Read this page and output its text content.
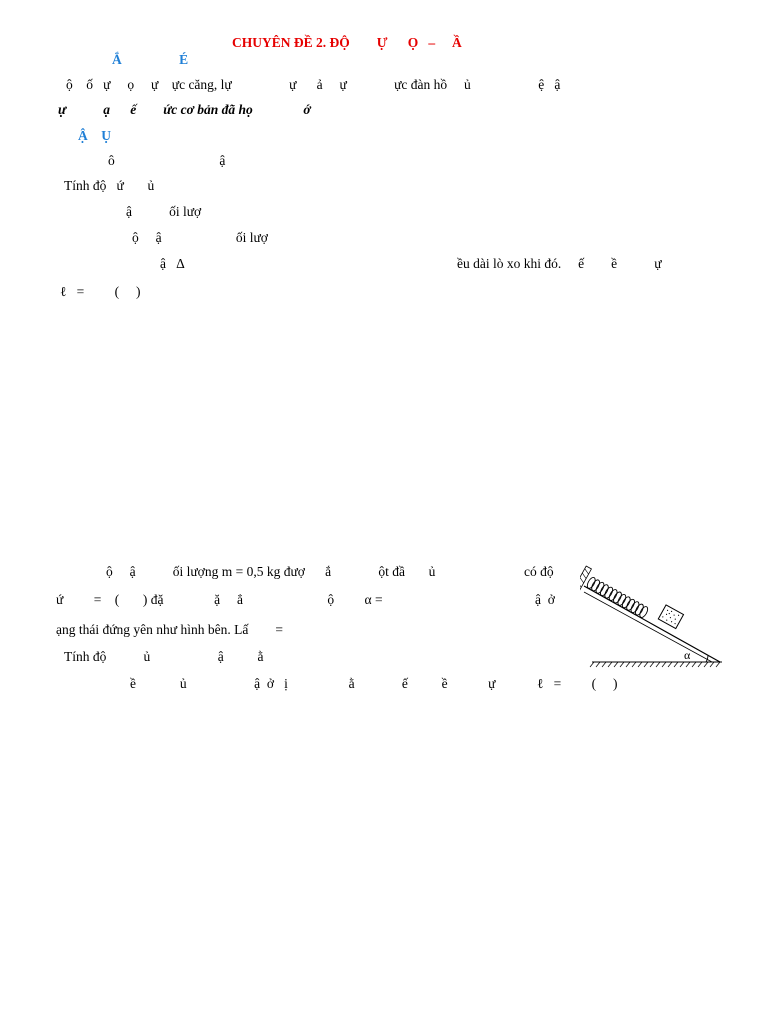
CHUYÊN ĐỀ 2. ĐỘ        Ự      Ọ   –     Ầ
Ắ                 É
ộ    ố   ự     ọ     ự    ực căng, lự                 ự      ả     ự              ực đàn hồ     ủ                    ệ   ậ
ự           ạ      ế        ức cơ bản đã họ               ớ
Ậ    Ụ
ô                               ậ
Tính độ   ứ       ủ
ậ           ối lượ
ộ     ậ                      ối lượ
ậ   Δ	ều dài lò xo khi đó.     ế        ề           ự
ℓ   =         (     )
ộ     ậ           ối lượng m = 0,5 kg đượ      ắ              ột đầ       ủ	có độ
ứ         =    (       ) đặ               ặ     ẳ                         ộ         α =	ậ  ở
ạng thái đứng yên như hình bên. Lấ        =
Tính độ           ủ                    ậ          ằ
ề             ủ                    ậ  ở   ị                  ằ              ế          ề            ự	ℓ   =         (     )
α
